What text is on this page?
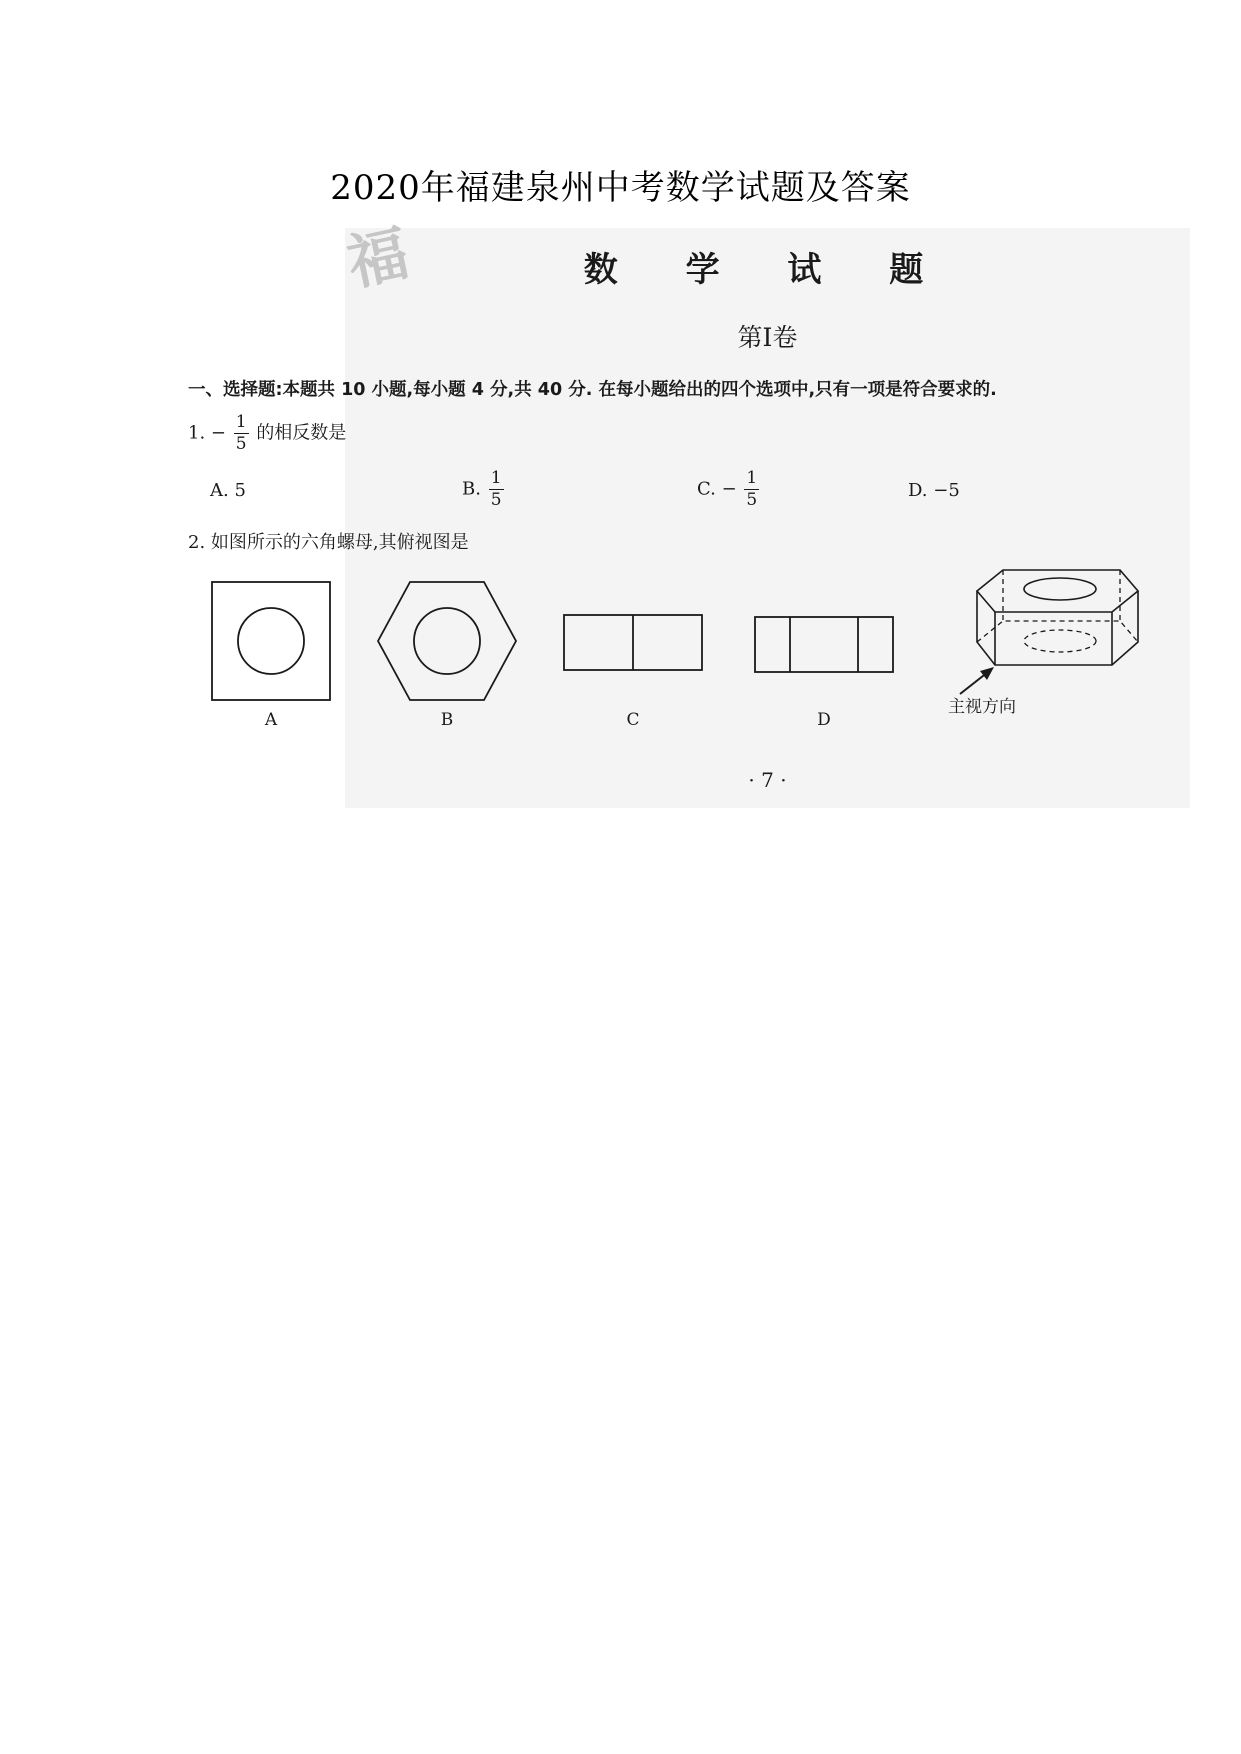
2020年福建泉州中考数学试题及答案
福	数 学 试 题
第Ⅰ卷
一、选择题:本题共 10 小题,每小题 4 分,共 40 分. 在每小题给出的四个选项中,只有一项是符合要求的.
1. − $\frac{1}{5}$ 的相反数是
A. 5	B. $\frac{1}{5}$	C. − $\frac{1}{5}$	D. −5
2. 如图所示的六角螺母,其俯视图是
主视方向
A	B	C	D
· 7 ·
